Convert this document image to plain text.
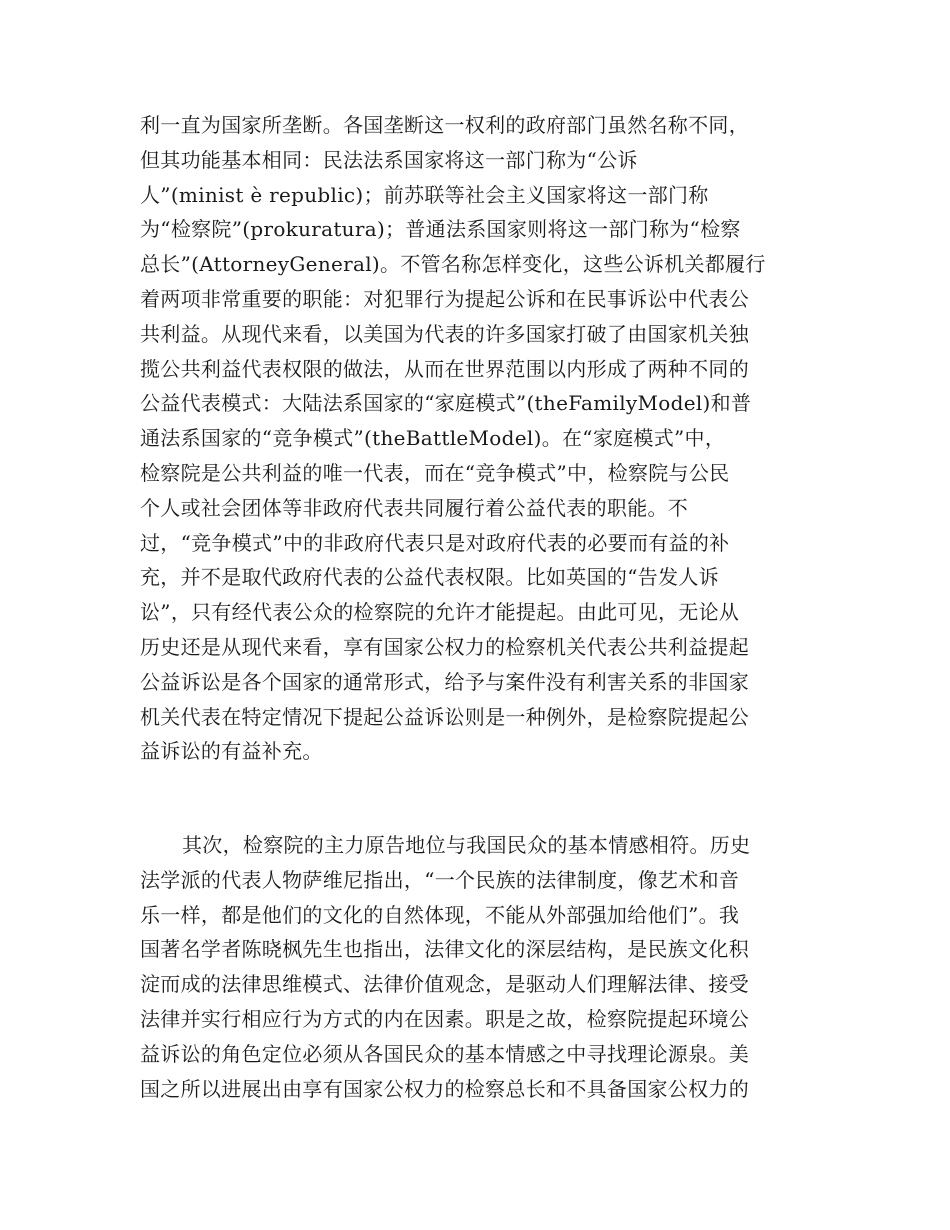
利一直为国家所垄断。各国垄断这一权利的政府部门虽然名称不同，
但其功能基本相同：民法法系国家将这一部门称为“公诉
人”(minist è republic)；前苏联等社会主义国家将这一部门称
为“检察院”(prokuratura)；普通法系国家则将这一部门称为“检察
总长”(AttorneyGeneral)。不管名称怎样变化，这些公诉机关都履行
着两项非常重要的职能：对犯罪行为提起公诉和在民事诉讼中代表公
共利益。从现代来看，以美国为代表的许多国家打破了由国家机关独
揽公共利益代表权限的做法，从而在世界范围以内形成了两种不同的
公益代表模式：大陆法系国家的“家庭模式”(theFamilyModel)和普
通法系国家的“竞争模式”(theBattleModel)。在“家庭模式”中，
检察院是公共利益的唯一代表，而在“竞争模式”中，检察院与公民
个人或社会团体等非政府代表共同履行着公益代表的职能。不
过，“竞争模式”中的非政府代表只是对政府代表的必要而有益的补
充，并不是取代政府代表的公益代表权限。比如英国的“告发人诉
讼”，只有经代表公众的检察院的允许才能提起。由此可见，无论从
历史还是从现代来看，享有国家公权力的检察机关代表公共利益提起
公益诉讼是各个国家的通常形式，给予与案件没有利害关系的非国家
机关代表在特定情况下提起公益诉讼则是一种例外，是检察院提起公
益诉讼的有益补充。
其次，检察院的主力原告地位与我国民众的基本情感相符。历史
法学派的代表人物萨维尼指出，“一个民族的法律制度，像艺术和音
乐一样，都是他们的文化的自然体现，不能从外部强加给他们”。我
国著名学者陈晓枫先生也指出，法律文化的深层结构，是民族文化积
淀而成的法律思维模式、法律价值观念，是驱动人们理解法律、接受
法律并实行相应行为方式的内在因素。职是之故，检察院提起环境公
益诉讼的角色定位必须从各国民众的基本情感之中寻找理论源泉。美
国之所以进展出由享有国家公权力的检察总长和不具备国家公权力的
